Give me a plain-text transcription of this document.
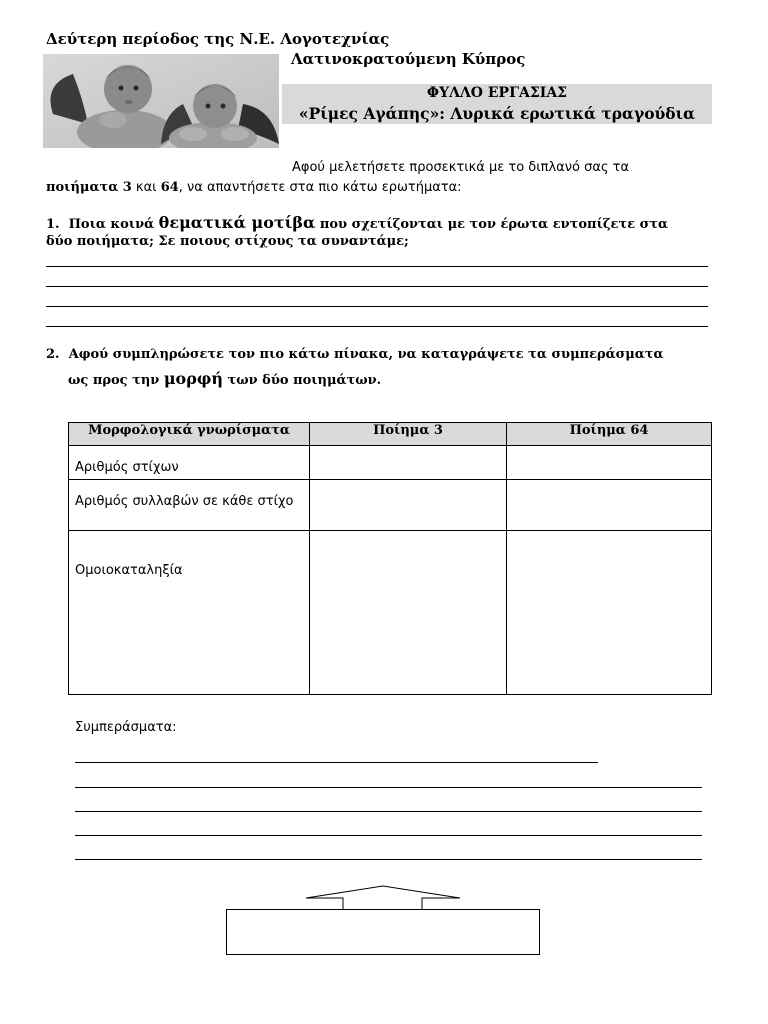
Δεύτερη περίοδος της Ν.Ε. Λογοτεχνίας
Λατινοκρατούμενη Κύπρος
ΦΥΛΛΟ ΕΡΓΑΣΙΑΣ
«Ρίμες Αγάπης»: Λυρικά ερωτικά τραγούδια
Αφού μελετήσετε προσεκτικά με το διπλανό σας τα
ποιήματα 3 και 64, να απαντήσετε στα πιο κάτω ερωτήματα:
1. Ποια κοινά θεματικά μοτίβα που σχετίζονται με τον έρωτα εντοπίζετε στα
δύο ποιήματα; Σε ποιους στίχους τα συναντάμε;
2. Αφού συμπληρώσετε τον πιο κάτω πίνακα, να καταγράψετε τα συμπεράσματα
ως προς την μορφή των δύο ποιημάτων.
Μορφολογικά γνωρίσματα	Ποίημα 3	Ποίημα 64
Αριθμός στίχων		
Αριθμός συλλαβών σε κάθε στίχο		
Ομοιοκαταληξία		
Συμπεράσματα:
